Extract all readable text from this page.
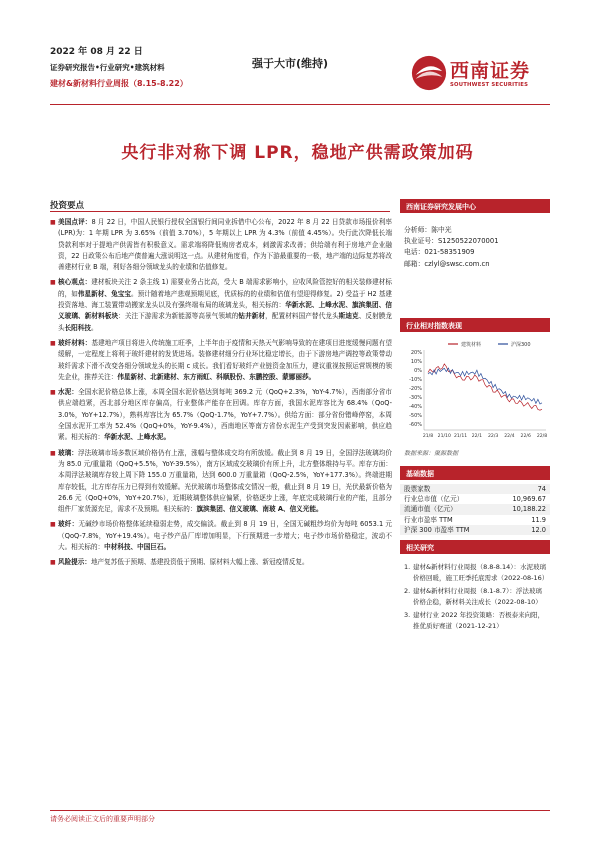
2022 年 08 月 22 日
证券研究报告•行业研究•建筑材料
建材&新材料行业周报（8.15-8.22）
强于大市(维持)	西南证券
SOUTHWEST SECURITIES
央行非对称下调 LPR，稳地产供需政策加码
投资要点
■ 美国点评：8 月 22 日，中国人民银行授权全国银行间同业拆借中心公布，2022 年 8 月 22 日贷款市场报价利率(LPR)为：1 年期 LPR 为 3.65%（前值 3.70%），5 年期以上 LPR 为 4.3%（前值 4.45%）。央行此次降低长端贷款利率对于提地产供需皆有积极意义。需求端将降低购房者成本，刺激需求改善；供给端有利于房地产企业融资，22 日政策公布后地产债普遍大涨说明这一点。从建材角度看，作为下游最重要的一极，地产端的边际复苏将改善建材行业 B 端，利好各细分领域龙头的业绩和估值修复。
■ 核心观点：建材板块关注 2 条主线 1) 需要业务占比高，受大 B 端需求影响小，应收风险管控好的相关装修建材标的，如伟星新材、兔宝宝。预计随着地产悲观预期见底，优质标的的业绩和估值有望迎得修复。2) 受益于 H2 基建投资落地、海工装置带动搬家龙头以及有强终端布局的玻璃龙头，相关标的：华新水泥、上峰水泥、旗滨集团、信义玻璃、新材料板块：关注下游需求为新能源等高景气领域的钻井新材，配置材料国产替代龙头斯迪克、反射膜龙头长阳科技。
■ 玻纤材料：基建地产项目将进入传统施工旺季，上半年由于疫情和天热天气影响导致的在建项目进度缓慢问题有望缓解，一定程度上将利于玻纤建材的发货进场。装修建材细分行业环比稳定增长，由于下游房地产调控等政策带动玻纤需求下滑不改变各细分领域龙头的长期 c 成长。我们看好玻纤产业链资金加压力，建议重视按照运营规模的领先企业，推荐关注：伟星新材、北新建材、东方雨虹、科顺股份、东鹏控股、蒙娜丽莎。
■ 水泥：全国水泥价格总体上涨，本周全国水泥价格达到每吨 369.2 元（QoQ+2.3%，YoY-4.7%），西南部分省市供应端趋紧，西北部分地区库存偏高，行业整体产能存在回调。库存方面，我国水泥库容比为 68.4%（QoQ-3.0%，YoY+12.7%），熟料库容比为 65.7%（QoQ-1.7%，YoY+7.7%）。供给方面：部分省份错峰停窑，本周全国水泥开工率为 52.4%（QoQ+0%，YoY-9.4%），西南地区等南方省份水泥生产受到突发因素影响，供应趋紧。相关标的：华新水泥、上峰水泥。
■ 玻璃：浮法玻璃市场多数区域价格仍有上涨，涨幅与整体成交均有所放缓。截止到 8 月 19 日，全国浮法玻璃均价为 85.0 元/重量箱（QoQ+5.5%，YoY-39.5%），南方区域成交玻璃价有所上升，北方整体维持与平。库存方面：本周浮法玻璃库存较上周下降 155.0 万重量箱，达到 600.0 万重量箱（QoQ-2.5%，YoY+177.3%）。终端进期库存较低，北方库存压力已得到有效缓解。光伏玻璃市场整体成交情况一般，截止到 8 月 19 日，光伏最新价格为 26.6 元（QoQ+0%，YoY+20.7%），近期玻璃整体供应偏紧，价格逐步上涨，年底完成玻璃行业的产能，且部分组件厂家货源充足，需求不及预期。相关标的：旗滨集团、信义玻璃、南玻 A、信义光能。
■ 玻纤：无碱纱市场价格整体延续稳弱走势，成交偏淡。截止到 8 月 19 日，全国无碱粗纱均价为每吨 6053.1 元（QoQ-7.8%，YoY+19.4%）。电子纱产品厂库增加明显，下行预期进一步增大；电子纱市场价格稳定，波动不大。相关标的：中材科技、中国巨石。
■ 风险提示：地产复苏低于预期、基建投资低于预期、原材料大幅上涨、新冠疫情反复。
西南证券研究发展中心
分析师：陈中光
执业证号：S1250522070001
电话：021-58351909
邮箱：czlyl@swsc.com.cn
行业相对指数表现
20%
10%
0%
-10%
-20%
-30%
-40%
-50%
-60%
21/8 21/10 21/11 22/1 22/3 22/4 22/6 22/8
建筑材料	沪深300
数据来源：聚源数据
基础数据
股票家数	74
行业总市值（亿元）	10,969.67
流通市值（亿元）	10,188.22
行业市盈率 TTM	11.9
沪深 300 市盈率 TTM	12.0
相关研究
1. 建材&新材料行业周报（8.8-8.14）：水泥玻璃价格回暖，施工旺季托底需求（2022-08-16）
2. 建材&新材料行业周报（8.1-8.7）：浮法玻璃价格企稳，新材料关注成长（2022-08-10）
3. 建材行业 2022 年投资策略：否极泰来向阳，推优质好赛道（2021-12-21）
请务必阅读正文后的重要声明部分
